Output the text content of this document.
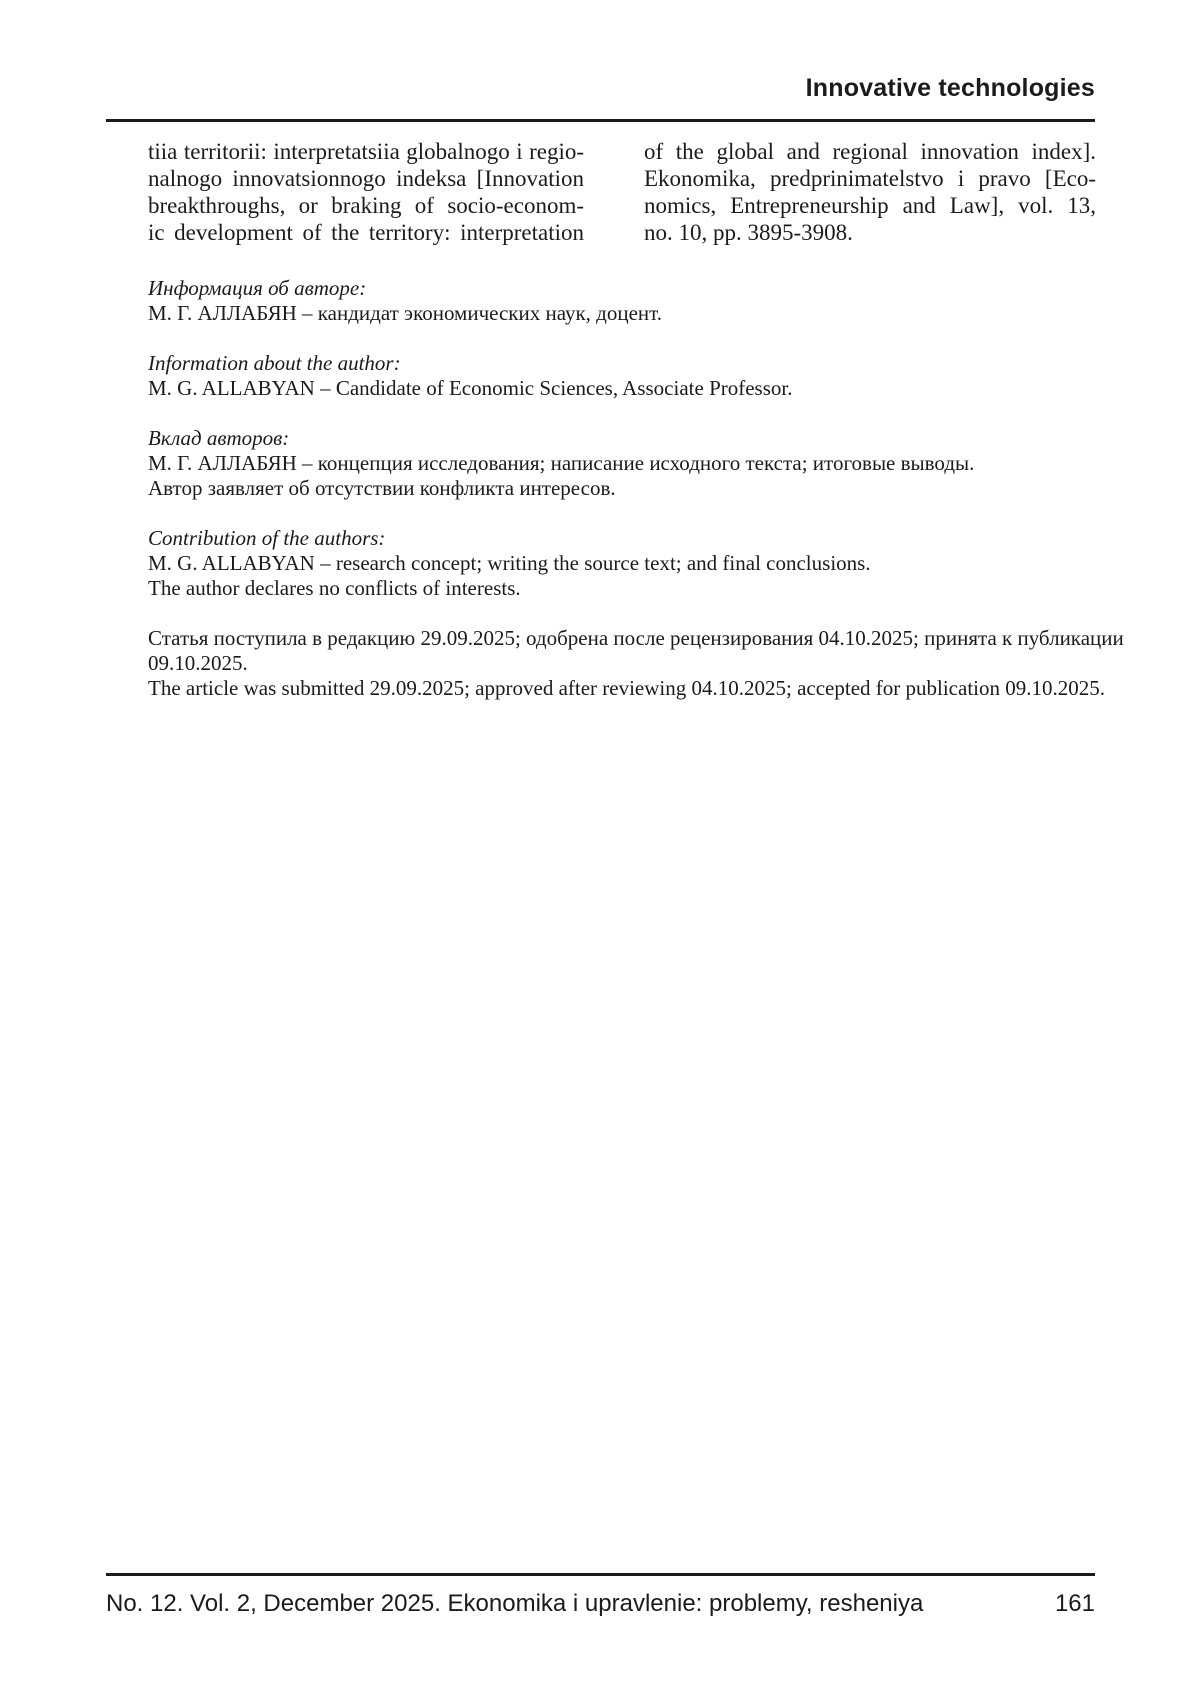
Innovative technologies
tiia territorii: interpretatsiia globalnogo i regio-
nalnogo innovatsionnogo indeksa [Innovation
breakthroughs, or braking of socio-econom-
ic development of the territory: interpretation
of the global and regional innovation index].
Ekonomika, predprinimatelstvo i pravo [Eco-
nomics, Entrepreneurship and Law], vol. 13,
no. 10, pp. 3895-3908.
Информация об авторе:
М. Г. АЛЛАБЯН – кандидат экономических наук, доцент.
Information about the author:
M. G. ALLABYAN – Candidate of Economic Sciences, Associate Professor.
Вклад авторов:
М. Г. АЛЛАБЯН – концепция исследования; написание исходного текста; итоговые выводы.
Автор заявляет об отсутствии конфликта интересов.
Contribution of the authors:
M. G. ALLABYAN – research concept; writing the source text; and final conclusions.
The author declares no conflicts of interests.
Статья поступила в редакцию 29.09.2025; одобрена после рецензирования 04.10.2025; принята к публикации
09.10.2025.
The article was submitted 29.09.2025; approved after reviewing 04.10.2025; accepted for publication 09.10.2025.
No. 12. Vol. 2, December 2025. Ekonomika i upravlenie: problemy, resheniya	161
